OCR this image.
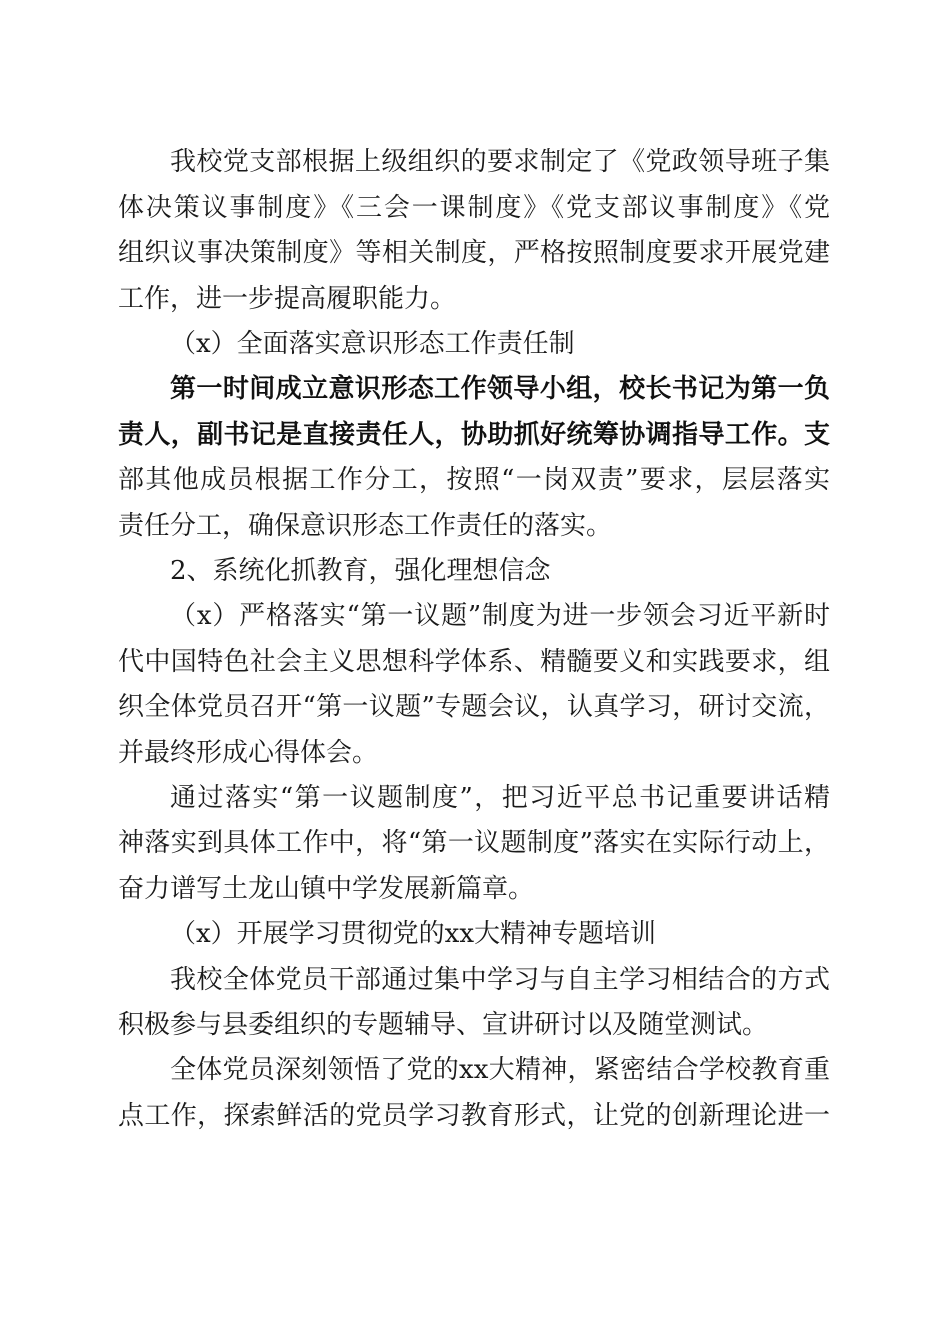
我校党支部根据上级组织的要求制定了《党政领导班子集
体决策议事制度》《三会一课制度》《党支部议事制度》《党
组织议事决策制度》等相关制度，严格按照制度要求开展党建
工作，进一步提高履职能力。
（x）全面落实意识形态工作责任制
第一时间成立意识形态工作领导小组，校长书记为第一负
责人，副书记是直接责任人，协助抓好统筹协调指导工作。支
部其他成员根据工作分工，按照“一岗双责”要求，层层落实
责任分工，确保意识形态工作责任的落实。
2、系统化抓教育，强化理想信念
（x）严格落实“第一议题”制度为进一步领会习近平新时
代中国特色社会主义思想科学体系、精髓要义和实践要求，组
织全体党员召开“第一议题”专题会议，认真学习，研讨交流，
并最终形成心得体会。
通过落实“第一议题制度”，把习近平总书记重要讲话精
神落实到具体工作中，将“第一议题制度”落实在实际行动上，
奋力谱写土龙山镇中学发展新篇章。
（x）开展学习贯彻党的xx大精神专题培训
我校全体党员干部通过集中学习与自主学习相结合的方式
积极参与县委组织的专题辅导、宣讲研讨以及随堂测试。
全体党员深刻领悟了党的xx大精神，紧密结合学校教育重
点工作，探索鲜活的党员学习教育形式，让党的创新理论进一
